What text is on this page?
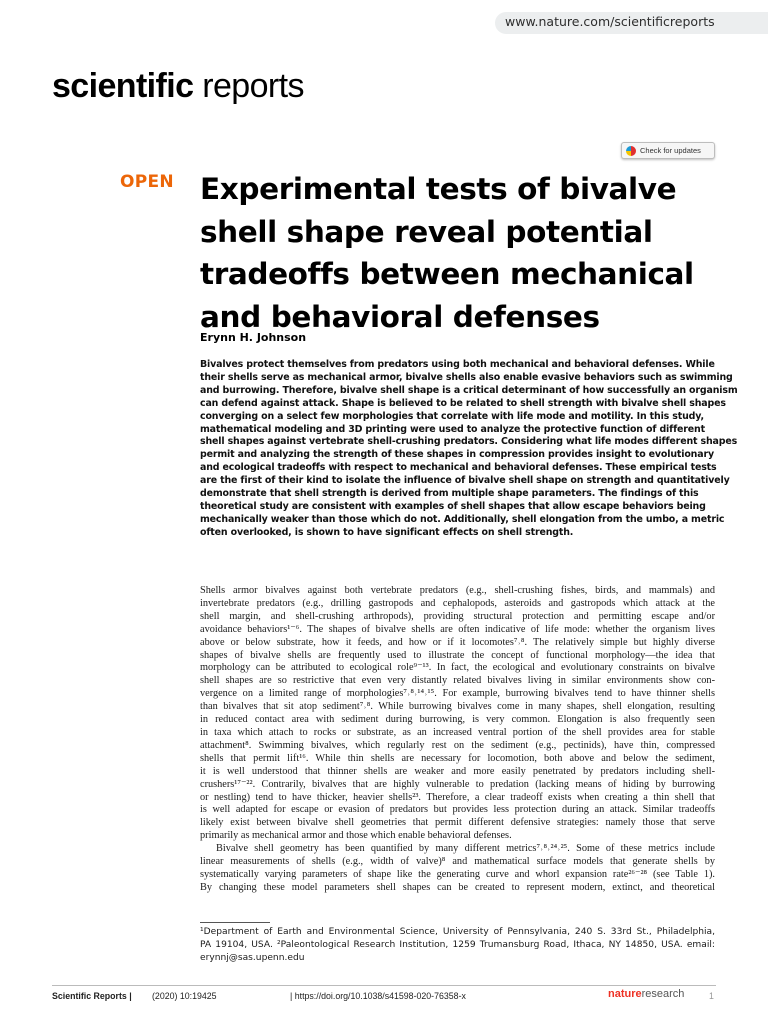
www.nature.com/scientificreports
scientific reports
Check for updates
OPEN Experimental tests of bivalve
shell shape reveal potential
tradeoffs between mechanical
and behavioral defenses
Erynn H. Johnson
Bivalves protect themselves from predators using both mechanical and behavioral defenses. While
their shells serve as mechanical armor, bivalve shells also enable evasive behaviors such as swimming
and burrowing. Therefore, bivalve shell shape is a critical determinant of how successfully an organism
can defend against attack. Shape is believed to be related to shell strength with bivalve shell shapes
converging on a select few morphologies that correlate with life mode and motility. In this study,
mathematical modeling and 3D printing were used to analyze the protective function of different
shell shapes against vertebrate shell-crushing predators. Considering what life modes different shapes
permit and analyzing the strength of these shapes in compression provides insight to evolutionary
and ecological tradeoffs with respect to mechanical and behavioral defenses. These empirical tests
are the first of their kind to isolate the influence of bivalve shell shape on strength and quantitatively
demonstrate that shell strength is derived from multiple shape parameters. The findings of this
theoretical study are consistent with examples of shell shapes that allow escape behaviors being
mechanically weaker than those which do not. Additionally, shell elongation from the umbo, a metric
often overlooked, is shown to have significant effects on shell strength.
Shells armor bivalves against both vertebrate predators (e.g., shell-crushing fishes, birds, and mammals) and
invertebrate predators (e.g., drilling gastropods and cephalopods, asteroids and gastropods which attack at the
shell margin, and shell-crushing arthropods), providing structural protection and permitting escape and/or
avoidance behaviors¹⁻⁶. The shapes of bivalve shells are often indicative of life mode: whether the organism lives
above or below substrate, how it feeds, and how or if it locomotes⁷˒⁸. The relatively simple but highly diverse
shapes of bivalve shells are frequently used to illustrate the concept of functional morphology—the idea that
morphology can be attributed to ecological role⁹⁻¹³. In fact, the ecological and evolutionary constraints on bivalve
shell shapes are so restrictive that even very distantly related bivalves living in similar environments show con-
vergence on a limited range of morphologies⁷˒⁸˒¹⁴˒¹⁵. For example, burrowing bivalves tend to have thinner shells
than bivalves that sit atop sediment⁷˒⁸. While burrowing bivalves come in many shapes, shell elongation, resulting
in reduced contact area with sediment during burrowing, is very common. Elongation is also frequently seen
in taxa which attach to rocks or substrate, as an increased ventral portion of the shell provides area for stable
attachment⁸. Swimming bivalves, which regularly rest on the sediment (e.g., pectinids), have thin, compressed
shells that permit lift¹⁶. While thin shells are necessary for locomotion, both above and below the sediment,
it is well understood that thinner shells are weaker and more easily penetrated by predators including shell-
crushers¹⁷⁻²². Contrarily, bivalves that are highly vulnerable to predation (lacking means of hiding by burrowing
or nestling) tend to have thicker, heavier shells²³. Therefore, a clear tradeoff exists when creating a thin shell that
is well adapted for escape or evasion of predators but provides less protection during an attack. Similar tradeoffs
likely exist between bivalve shell geometries that permit different defensive strategies: namely those that serve
primarily as mechanical armor and those which enable behavioral defenses.
Bivalve shell geometry has been quantified by many different metrics⁷˒⁸˒²⁴˒²⁵. Some of these metrics include
linear measurements of shells (e.g., width of valve)⁸ and mathematical surface models that generate shells by
systematically varying parameters of shape like the generating curve and whorl expansion rate²⁶⁻²⁸ (see Table 1).
By changing these model parameters shell shapes can be created to represent modern, extinct, and theoretical
¹Department of Earth and Environmental Science, University of Pennsylvania, 240 S. 33rd St., Philadelphia,
PA 19104, USA. ²Paleontological Research Institution, 1259 Trumansburg Road, Ithaca, NY 14850, USA. email:
erynnj@sas.upenn.edu
Scientific Reports | (2020) 10:19425	| https://doi.org/10.1038/s41598-020-76358-x	natureresearch	1
